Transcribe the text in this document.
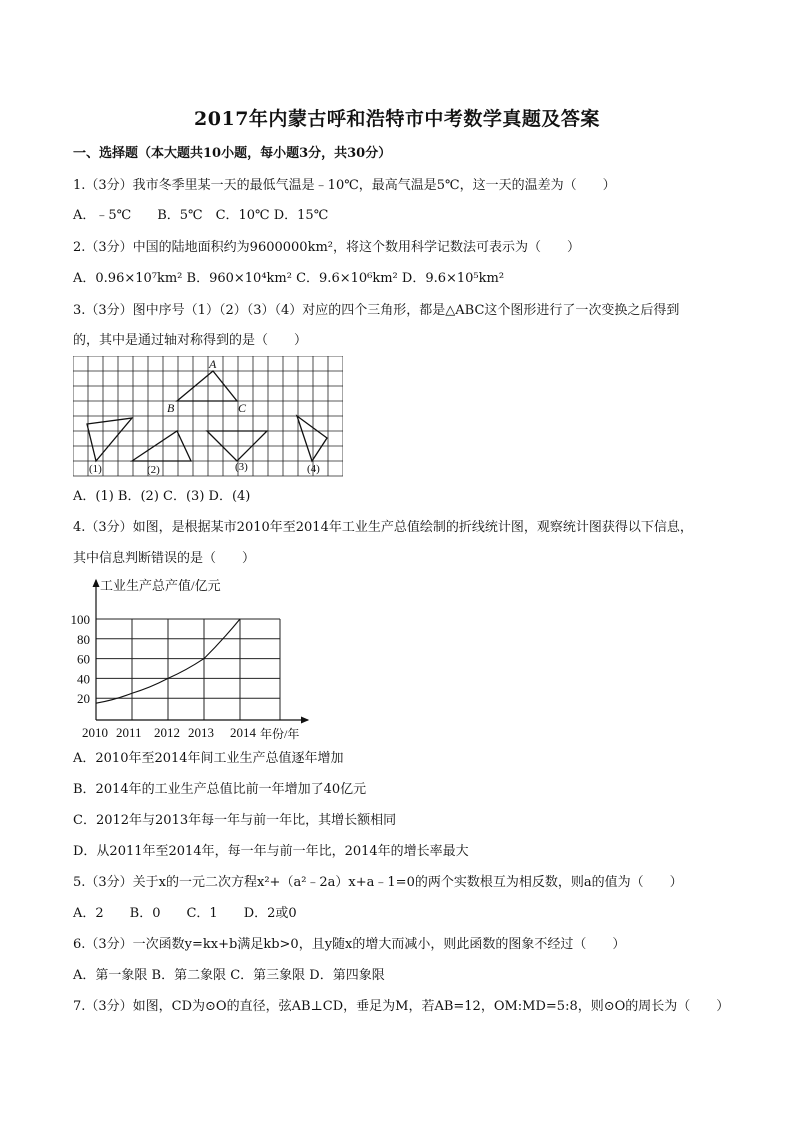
2017年内蒙古呼和浩特市中考数学真题及答案
一、选择题（本大题共10小题，每小题3分，共30分）
1.（3分）我市冬季里某一天的最低气温是﹣10℃，最高气温是5℃，这一天的温差为（　　）
A．﹣5℃　　B．5℃　C．10℃ D．15℃
2.（3分）中国的陆地面积约为9600000km²，将这个数用科学记数法可表示为（　　）
A．0.96×10⁷km² B．960×10⁴km² C．9.6×10⁶km² D．9.6×10⁵km²
3.（3分）图中序号（1）（2）（3）（4）对应的四个三角形，都是△ABC这个图形进行了一次变换之后得到
的，其中是通过轴对称得到的是（　　）
A
B	C
(1)	(2)	(3)	(4)
A．(1) B．(2) C．(3) D．(4)
4.（3分）如图，是根据某市2010年至2014年工业生产总值绘制的折线统计图，观察统计图获得以下信息，
其中信息判断错误的是（　　）
工业生产总产值/亿元
20
40
60
80
100
2010 2011 2012 2013 2014 年份/年
A．2010年至2014年间工业生产总值逐年增加
B．2014年的工业生产总值比前一年增加了40亿元
C．2012年与2013年每一年与前一年比，其增长额相同
D．从2011年至2014年，每一年与前一年比，2014年的增长率最大
5.（3分）关于x的一元二次方程x²+（a²﹣2a）x+a﹣1=0的两个实数根互为相反数，则a的值为（　　）
A．2　　B．0　　C．1　　D．2或0
6.（3分）一次函数y=kx+b满足kb>0，且y随x的增大而减小，则此函数的图象不经过（　　）
A．第一象限 B．第二象限 C．第三象限 D．第四象限
7.（3分）如图，CD为⊙O的直径，弦AB⊥CD，垂足为M，若AB=12，OM:MD=5:8，则⊙O的周长为（　　）
